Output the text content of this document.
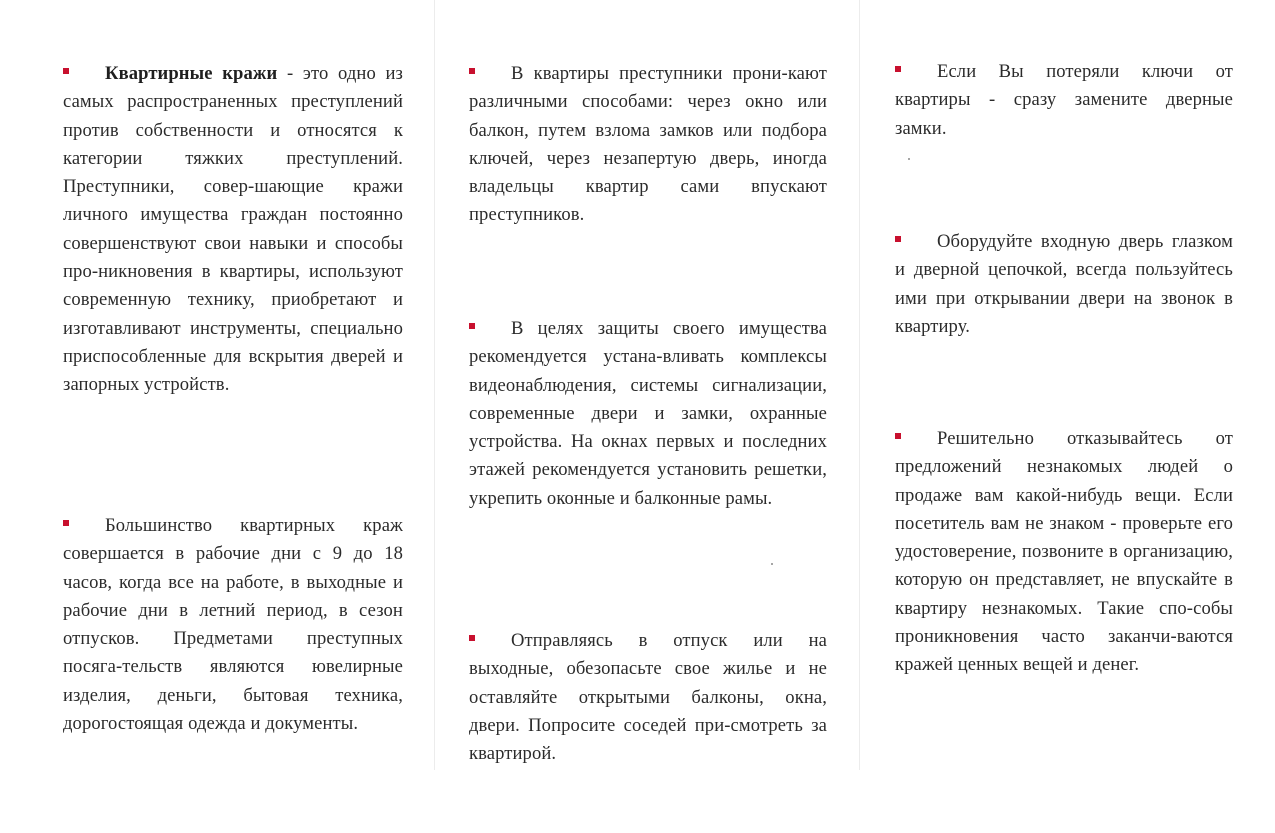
Квартирные кражи - это одно из самых распространенных преступлений против собственности и относятся к категории тяжких преступлений. Преступники, совер-шающие кражи личного имущества граждан постоянно совершенствуют свои навыки и способы про-никновения в квартиры, используют современную технику, приобретают и изготавливают инструменты, специально приспособленные для вскрытия дверей и запорных устройств.

Большинство квартирных краж совершается в рабочие дни с 9 до 18 часов, когда все на работе, в выходные и рабочие дни в летний период, в сезон отпусков. Предметами преступных посяга-тельств являются ювелирные изделия, деньги, бытовая техника, дорогостоящая одежда и документы.

В квартиры преступники прони-кают различными способами: через окно или балкон, путем взлома замков или подбора ключей, через незапертую дверь, иногда владельцы квартир сами впускают преступников.

В целях защиты своего имущества рекомендуется устана-вливать комплексы видеонаблюдения, системы сигнализации, современные двери и замки, охранные устройства. На окнах первых и последних этажей рекомендуется установить решетки, укрепить оконные и балконные рамы.

Отправляясь в отпуск или на выходные, обезопасьте свое жилье и не оставляйте открытыми балконы, окна, двери. Попросите соседей при-смотреть за квартирой.

Если Вы потеряли ключи от квартиры - сразу замените дверные замки.

Оборудуйте входную дверь глазком и дверной цепочкой, всегда пользуйтесь ими при открывании двери на звонок в квартиру.

Решительно отказывайтесь от предложений незнакомых людей о продаже вам какой-нибудь вещи. Если посетитель вам не знаком - проверьте его удостоверение, позвоните в организацию, которую он представляет, не впускайте в квартиру незнакомых. Такие спо-собы проникновения часто заканчи-ваются кражей ценных вещей и денег.
